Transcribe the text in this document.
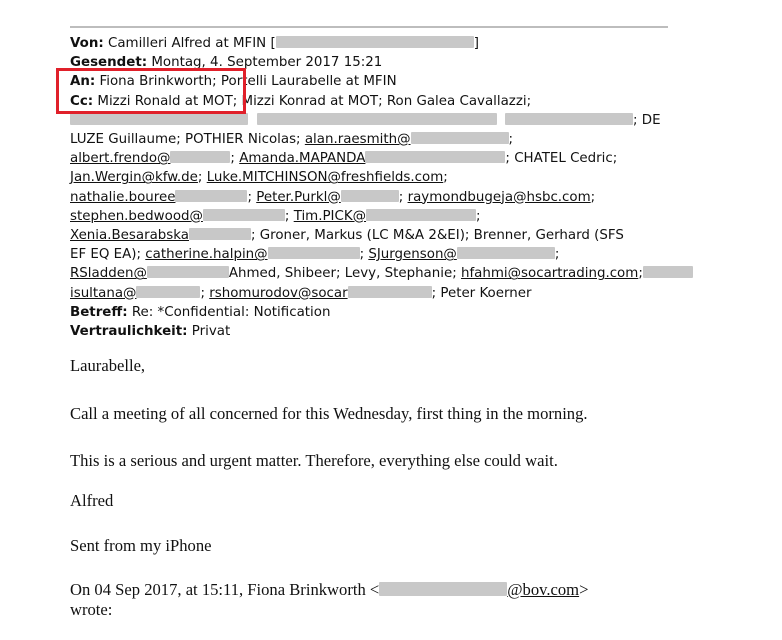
Von: Camilleri Alfred at MFIN [	]

Gesendet: Montag, 4. September 2017 15:21

An: Fiona Brinkworth; Portelli Laurabelle at MFIN

Cc: Mizzi Ronald at MOT; Mizzi Konrad at MOT; Ron Galea Cavallazzi;

; DE

LUZE Guillaume; POTHIER Nicolas; alan.raesmith@	;

albert.frendo@	; Amanda.MAPANDA	; CHATEL Cedric;

Jan.Wergin@kfw.de; Luke.MITCHINSON@freshfields.com;

nathalie.bouree	; Peter.Purkl@	; raymondbugeja@hsbc.com;

stephen.bedwood@	; Tim.PICK@	;

Xenia.Besarabska	; Groner, Markus (LC M&A 2&EI); Brenner, Gerhard (SFS

EF EQ EA); catherine.halpin@	; SJurgenson@	;

RSladden@	Ahmed, Shibeer; Levy, Stephanie; hfahmi@socartrading.com;

isultana@	; rshomurodov@socar	; Peter Koerner

Betreff: Re: *Confidential: Notification

Vertraulichkeit: Privat

Laurabelle,

Call a meeting of all concerned for this Wednesday, first thing in the morning.

This is a serious and urgent matter. Therefore, everything else could wait.

Alfred

Sent from my iPhone

On 04 Sep 2017, at 15:11, Fiona Brinkworth <	@bov.com>

wrote:
